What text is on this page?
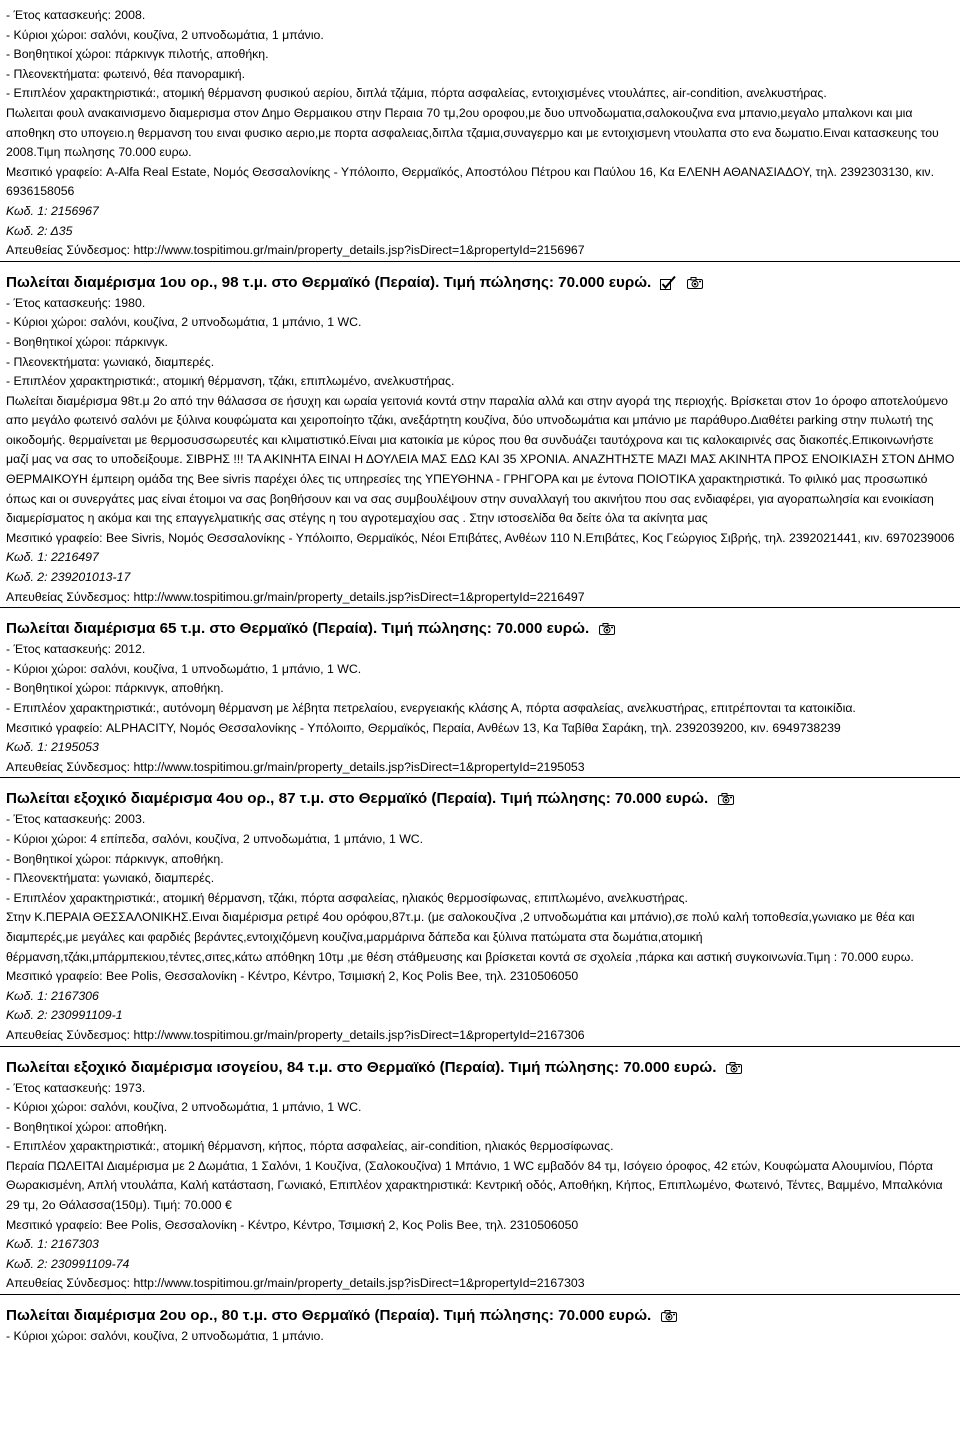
- Έτος κατασκευής: 2008.
- Κύριοι χώροι: σαλόνι, κουζίνα, 2 υπνοδωμάτια, 1 μπάνιο.
- Βοηθητικοί χώροι: πάρκινγκ πιλοτής, αποθήκη.
- Πλεονεκτήματα: φωτεινό, θέα πανοραμική.
- Επιπλέον χαρακτηριστικά:, ατομική θέρμανση φυσικού αερίου, διπλά τζάμια, πόρτα ασφαλείας, εντοιχισμένες ντουλάπες, air-condition, ανελκυστήρας.
Πωλειται φουλ ανακαινισμενο διαμερισμα στον Δημο Θερμαικου στην Περαια 70 τμ,2ου οροφου,με δυο υπνοδωματια,σαλοκουζινα ενα μπανιο,μεγαλο μπαλκονι και μια αποθηκη στο υπογειο.η θερμανση του ειναι φυσικο αεριο,με πορτα ασφαλειας,διπλα τζαμια,συναγερμο και με εντοιχισμενη ντουλαπα στο ενα δωματιο.Ειναι κατασκευης του 2008.Τιμη πωλησης 70.000 ευρω.
Μεσιτικό γραφείο: A-Alfa Real Estate, Νομός Θεσσαλονίκης - Υπόλοιπο, Θερμαϊκός, Αποστόλου Πέτρου και Παύλου 16, Κα ΕΛΕΝΗ ΑΘΑΝΑΣΙΑΔΟΥ, τηλ. 2392303130, κιν. 6936158056
Κωδ. 1: 2156967
Κωδ. 2: Δ35
Απευθείας Σύνδεσμος: http://www.tospitimou.gr/main/property_details.jsp?isDirect=1&propertyId=2156967
Πωλείται διαμέρισμα 1ου ορ., 98 τ.μ. στο Θερμαϊκό (Περαία). Τιμή πώλησης: 70.000 ευρώ.
- Έτος κατασκευής: 1980.
- Κύριοι χώροι: σαλόνι, κουζίνα, 2 υπνοδωμάτια, 1 μπάνιο, 1 WC.
- Βοηθητικοί χώροι: πάρκινγκ.
- Πλεονεκτήματα: γωνιακό, διαμπερές.
- Επιπλέον χαρακτηριστικά:, ατομική θέρμανση, τζάκι, επιπλωμένο, ανελκυστήρας.
Πωλείται διαμέρισμα 98τ.μ 2ο από την θάλασσα σε ήσυχη και ωραία γειτονιά κοντά στην παραλία αλλά και στην αγορά της περιοχής. Βρίσκεται στον 1ο όροφο αποτελούμενο απο μεγάλο φωτεινό σαλόνι με ξύλινα κουφώματα και χειροποίητο τζάκι, ανεξάρτητη κουζίνα, δύο υπνοδωμάτια και μπάνιο με παράθυρο.Διαθέτει parking στην πυλωτή της οικοδομής. θερμαίνεται με θερμοσυσσωρευτές και κλιματιστικό.Είναι μια κατοικία με κύρος που θα συνδυάζει ταυτόχρονα και τις καλοκαιρινές σας διακοπές.Επικοινωνήστε μαζί μας να σας το υποδείξουμε. ΣΙΒΡΗΣ !!! ΤΑ ΑΚΙΝΗΤΑ ΕΙΝΑΙ Η ΔΟΥΛΕΙΑ ΜΑΣ ΕΔΩ ΚΑΙ 35 ΧΡΟΝΙΑ. ΑΝΑΖΗΤΗΣΤΕ ΜΑΖΙ ΜΑΣ ΑΚΙΝΗΤΑ ΠΡΟΣ ΕΝΟΙΚΙΑΣΗ ΣΤΟΝ ΔΗΜΟ ΘΕΡΜΑΙΚΟΥΗ έμπειρη ομάδα της Bee sivris παρέχει όλες τις υπηρεσίες της ΥΠΕΥΘΗΝΑ - ΓΡΗΓΟΡΑ και με έντονα ΠΟΙΟΤΙΚΑ χαρακτηριστικά. Το φιλικό μας προσωπικό όπως και οι συνεργάτες μας είναι έτοιμοι να σας βοηθήσουν και να σας συμβουλέψουν στην συναλλαγή του ακινήτου που σας ενδιαφέρει, για αγοραπωλησία και ενοικίαση διαμερίσματος η ακόμα και της επαγγελματικής σας στέγης η του αγροτεμαχίου σας . Στην ιστοσελίδα θα δείτε όλα τα ακίνητα μας
Μεσιτικό γραφείο: Bee Sivris, Νομός Θεσσαλονίκης - Υπόλοιπο, Θερμαϊκός, Νέοι Επιβάτες, Ανθέων 110 Ν.Επιβάτες, Κος Γεώργιος Σιβρής, τηλ. 2392021441, κιν. 6970239006
Κωδ. 1: 2216497
Κωδ. 2: 239201013-17
Απευθείας Σύνδεσμος: http://www.tospitimou.gr/main/property_details.jsp?isDirect=1&propertyId=2216497
Πωλείται διαμέρισμα 65 τ.μ. στο Θερμαϊκό (Περαία). Τιμή πώλησης: 70.000 ευρώ.
- Έτος κατασκευής: 2012.
- Κύριοι χώροι: σαλόνι, κουζίνα, 1 υπνοδωμάτιο, 1 μπάνιο, 1 WC.
- Βοηθητικοί χώροι: πάρκινγκ, αποθήκη.
- Επιπλέον χαρακτηριστικά:, αυτόνομη θέρμανση με λέβητα πετρελαίου, ενεργειακής κλάσης Α, πόρτα ασφαλείας, ανελκυστήρας, επιτρέπονται τα κατοικίδια.
Μεσιτικό γραφείο: ALPHACITY, Νομός Θεσσαλονίκης - Υπόλοιπο, Θερμαϊκός, Περαία, Ανθέων 13, Κα Ταβίθα Σαράκη, τηλ. 2392039200, κιν. 6949738239
Κωδ. 1: 2195053
Απευθείας Σύνδεσμος: http://www.tospitimou.gr/main/property_details.jsp?isDirect=1&propertyId=2195053
Πωλείται εξοχικό διαμέρισμα 4ου ορ., 87 τ.μ. στο Θερμαϊκό (Περαία). Τιμή πώλησης: 70.000 ευρώ.
- Έτος κατασκευής: 2003.
- Κύριοι χώροι: 4 επίπεδα, σαλόνι, κουζίνα, 2 υπνοδωμάτια, 1 μπάνιο, 1 WC.
- Βοηθητικοί χώροι: πάρκινγκ, αποθήκη.
- Πλεονεκτήματα: γωνιακό, διαμπερές.
- Επιπλέον χαρακτηριστικά:, ατομική θέρμανση, τζάκι, πόρτα ασφαλείας, ηλιακός θερμοσίφωνας, επιπλωμένο, ανελκυστήρας.
Στην Κ.ΠΕΡΑΙΑ ΘΕΣΣΑΛΟΝΙΚΗΣ.Ειναι διαμέρισμα ρετιρέ 4ου ορόφου,87τ.μ. (με σαλοκουζίνα ,2 υπνοδωμάτια και μπάνιο),σε πολύ καλή τοποθεσία,γωνιακο με θέα και διαμπερές,με μεγάλες και φαρδιές βεράντες,εντοιχιζόμενη κουζίνα,μαρμάρινα δάπεδα και ξύλινα πατώματα στα δωμάτια,ατομική θέρμανση,τζάκι,μπάρμπεκιου,τέντες,σιτες,κάτω απόθηκη 10τμ ,με θέση στάθμευσης και βρίσκεται κοντά σε σχολεία ,πάρκα και αστική συγκοινωνία.Τιμη : 70.000 ευρω.
Μεσιτικό γραφείο: Bee Polis, Θεσσαλονίκη - Κέντρο, Κέντρο, Τσιμισκή 2, Κος Polis Bee, τηλ. 2310506050
Κωδ. 1: 2167306
Κωδ. 2: 230991109-1
Απευθείας Σύνδεσμος: http://www.tospitimou.gr/main/property_details.jsp?isDirect=1&propertyId=2167306
Πωλείται εξοχικό διαμέρισμα ισογείου, 84 τ.μ. στο Θερμαϊκό (Περαία). Τιμή πώλησης: 70.000 ευρώ.
- Έτος κατασκευής: 1973.
- Κύριοι χώροι: σαλόνι, κουζίνα, 2 υπνοδωμάτια, 1 μπάνιο, 1 WC.
- Βοηθητικοί χώροι: αποθήκη.
- Επιπλέον χαρακτηριστικά:, ατομική θέρμανση, κήπος, πόρτα ασφαλείας, air-condition, ηλιακός θερμοσίφωνας.
Περαία ΠΩΛΕΙΤΑΙ Διαμέρισμα με 2 Δωμάτια, 1 Σαλόνι, 1 Κουζίνα, (Σαλοκουζίνα) 1 Μπάνιο, 1 WC εμβαδόν 84 τμ, Ισόγειο όροφος, 42 ετών, Κουφώματα Αλουμινίου, Πόρτα Θωρακισμένη, Απλή ντουλάπα, Καλή κατάσταση, Γωνιακό, Επιπλέον χαρακτηριστικά: Κεντρική οδός, Αποθήκη, Κήπος, Επιπλωμένο, Φωτεινό, Τέντες, Βαμμένο, Μπαλκόνια 29 τμ, 2ο Θάλασσα(150μ). Τιμή: 70.000 €
Μεσιτικό γραφείο: Bee Polis, Θεσσαλονίκη - Κέντρο, Κέντρο, Τσιμισκή 2, Κος Polis Bee, τηλ. 2310506050
Κωδ. 1: 2167303
Κωδ. 2: 230991109-74
Απευθείας Σύνδεσμος: http://www.tospitimou.gr/main/property_details.jsp?isDirect=1&propertyId=2167303
Πωλείται διαμέρισμα 2ου ορ., 80 τ.μ. στο Θερμαϊκό (Περαία). Τιμή πώλησης: 70.000 ευρώ.
- Κύριοι χώροι: σαλόνι, κουζίνα, 2 υπνοδωμάτια, 1 μπάνιο.
